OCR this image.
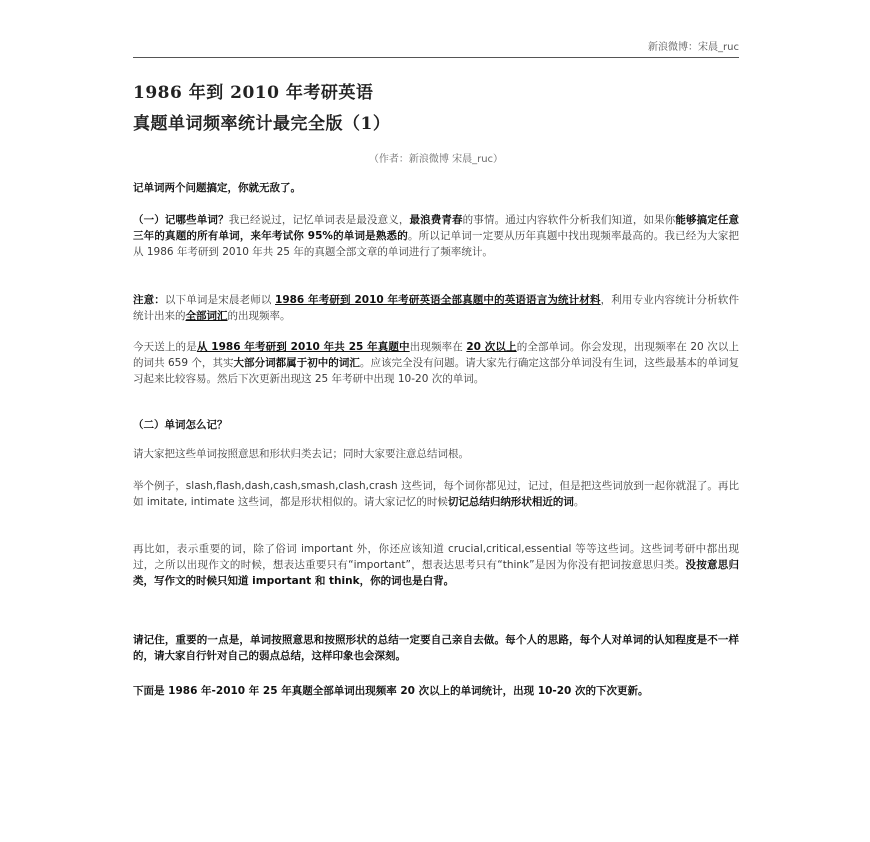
新浪微博：宋晨_ruc
1986 年到 2010 年考研英语
真题单词频率统计最完全版（1）
（作者：新浪微博 宋晨_ruc）

记单词两个问题搞定，你就无敌了。

（一）记哪些单词？我已经说过，记忆单词表是最没意义，最浪费青春的事情。通过内容软件分析我们知道，如果你能够搞定任意三年的真题的所有单词，来年考试你 95%的单词是熟悉的。所以记单词一定要从历年真题中找出现频率最高的。我已经为大家把从 1986 年考研到 2010 年共 25 年的真题全部文章的单词进行了频率统计。

注意：以下单词是宋晨老师以 1986 年考研到 2010 年考研英语全部真题中的英语语言为统计材料，利用专业内容统计分析软件统计出来的全部词汇的出现频率。

今天送上的是从 1986 年考研到 2010 年共 25 年真题中出现频率在 20 次以上的全部单词。你会发现，出现频率在 20 次以上的词共 659 个，其实大部分词都属于初中的词汇。应该完全没有问题。请大家先行确定这部分单词没有生词，这些最基本的单词复习起来比较容易。然后下次更新出现这 25 年考研中出现 10-20 次的单词。

（二）单词怎么记？

请大家把这些单词按照意思和形状归类去记；同时大家要注意总结词根。

举个例子，slash,flash,dash,cash,smash,clash,crash 这些词，每个词你都见过，记过，但是把这些词放到一起你就混了。再比如 imitate, intimate 这些词，都是形状相似的。请大家记忆的时候切记总结归纳形状相近的词。

再比如，表示重要的词，除了俗词 important 外，你还应该知道 crucial,critical,essential 等等这些词。这些词考研中都出现过，之所以出现作文的时候，想表达重要只有“important”，想表达思考只有“think”是因为你没有把词按意思归类。没按意思归类，写作文的时候只知道 important 和 think，你的词也是白背。

请记住，重要的一点是，单词按照意思和按照形状的总结一定要自己亲自去做。每个人的思路，每个人对单词的认知程度是不一样的，请大家自行针对自己的弱点总结，这样印象也会深刻。

下面是 1986 年-2010 年 25 年真题全部单词出现频率 20 次以上的单词统计，出现 10-20 次的下次更新。
